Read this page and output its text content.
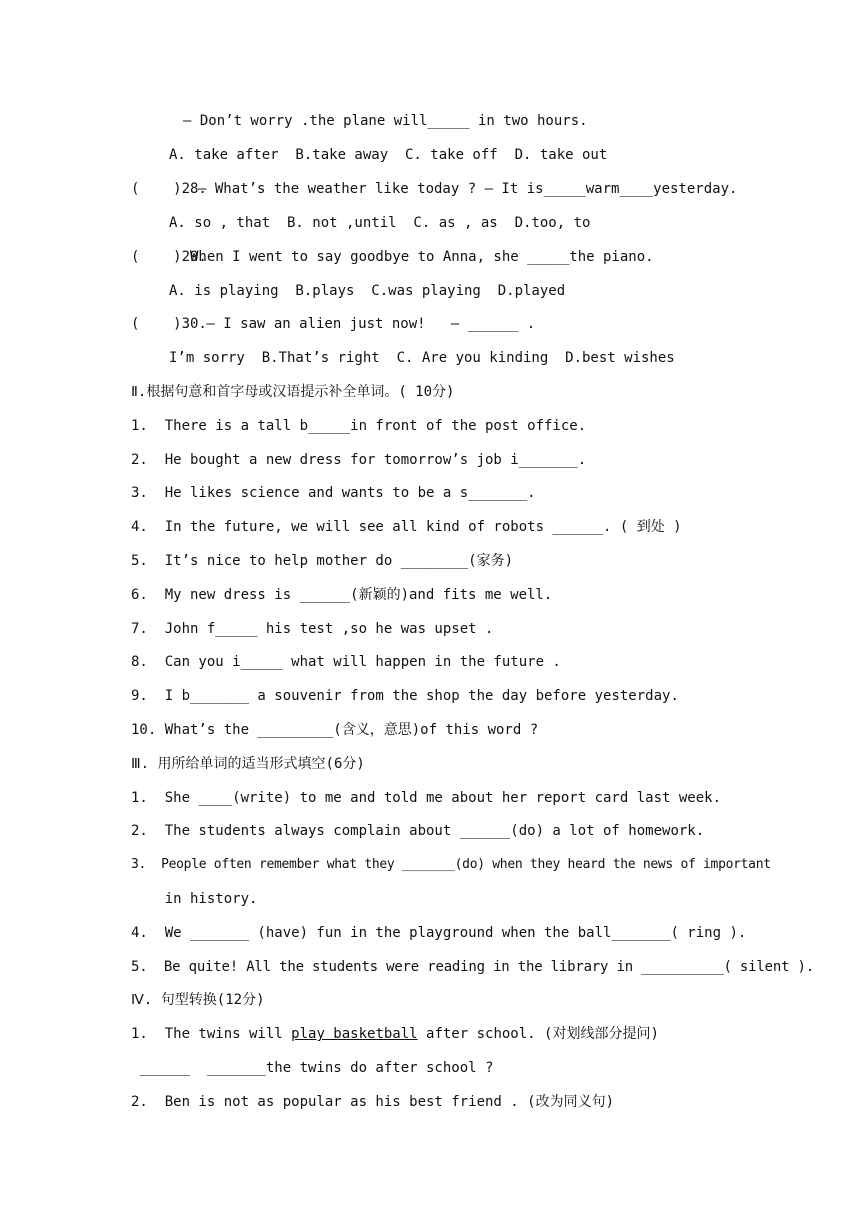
— Don’t worry .the plane will_____ in two hours.
A. take after  B.take away  C. take off  D. take out
(    )28.
— What’s the weather like today ? — It is_____warm____yesterday.
A. so , that  B. not ,until  C. as , as  D.too, to
(    )29.
When I went to say goodbye to Anna, she _____the piano.
A. is playing  B.plays  C.was playing  D.played
(    )30.
— I saw an alien just now!   — ______ .
I’m sorry  B.That’s right  C. Are you kinding  D.best wishes
Ⅱ.根据句意和首字母或汉语提示补全单词。( 10分)
1.  There is a tall b_____in front of the post office.
2.  He bought a new dress for tomorrow’s job i_______.
3.  He likes science and wants to be a s_______.
4.  In the future, we will see all kind of robots ______. ( 到处 )
5.  It’s nice to help mother do ________(家务)
6.  My new dress is ______(新颖的)and fits me well.
7.  John f_____ his test ,so he was upset .
8.  Can you i_____ what will happen in the future .
9.  I b_______ a souvenir from the shop the day before yesterday.
10. What’s the _________(含义，意思)of this word ?
Ⅲ. 用所给单词的适当形式填空(6分)
1.  She ____(write) to me and told me about her report card last week.
2.  The students always complain about ______(do) a lot of homework.
3.  People often remember what they _______(do) when they heard the news of important
in history.
4.  We _______ (have) fun in the playground when the ball_______( ring ).
5.  Be quite! All the students were reading in the library in __________( silent ).
Ⅳ. 句型转换(12分)
1.  The twins will play basketball after school. (对划线部分提问)
______  _______the twins do after school ?
2.  Ben is not as popular as his best friend . (改为同义句)
